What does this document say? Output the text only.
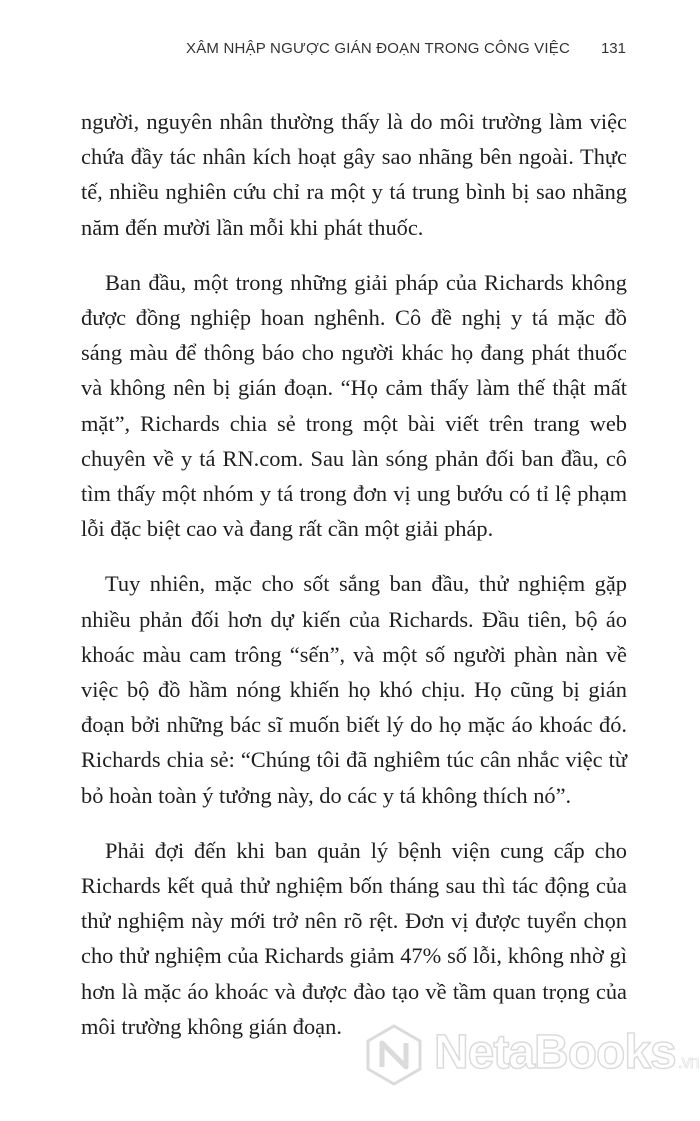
XÂM NHẬP NGƯỢC GIÁN ĐOẠN TRONG CÔNG VIỆC 131

người, nguyên nhân thường thấy là do môi trường làm việc chứa đầy tác nhân kích hoạt gây sao nhãng bên ngoài. Thực tế, nhiều nghiên cứu chỉ ra một y tá trung bình bị sao nhãng năm đến mười lần mỗi khi phát thuốc.

Ban đầu, một trong những giải pháp của Richards không được đồng nghiệp hoan nghênh. Cô đề nghị y tá mặc đồ sáng màu để thông báo cho người khác họ đang phát thuốc và không nên bị gián đoạn. “Họ cảm thấy làm thế thật mất mặt”, Richards chia sẻ trong một bài viết trên trang web chuyên về y tá RN.com. Sau làn sóng phản đối ban đầu, cô tìm thấy một nhóm y tá trong đơn vị ung bướu có tỉ lệ phạm lỗi đặc biệt cao và đang rất cần một giải pháp.

Tuy nhiên, mặc cho sốt sắng ban đầu, thử nghiệm gặp nhiều phản đối hơn dự kiến của Richards. Đầu tiên, bộ áo khoác màu cam trông “sến”, và một số người phàn nàn về việc bộ đồ hầm nóng khiến họ khó chịu. Họ cũng bị gián đoạn bởi những bác sĩ muốn biết lý do họ mặc áo khoác đó. Richards chia sẻ: “Chúng tôi đã nghiêm túc cân nhắc việc từ bỏ hoàn toàn ý tưởng này, do các y tá không thích nó”.

Phải đợi đến khi ban quản lý bệnh viện cung cấp cho Richards kết quả thử nghiệm bốn tháng sau thì tác động của thử nghiệm này mới trở nên rõ rệt. Đơn vị được tuyển chọn cho thử nghiệm của Richards giảm 47% số lỗi, không nhờ gì hơn là mặc áo khoác và được đào tạo về tầm quan trọng của môi trường không gián đoạn.	NetaBooks .vn
